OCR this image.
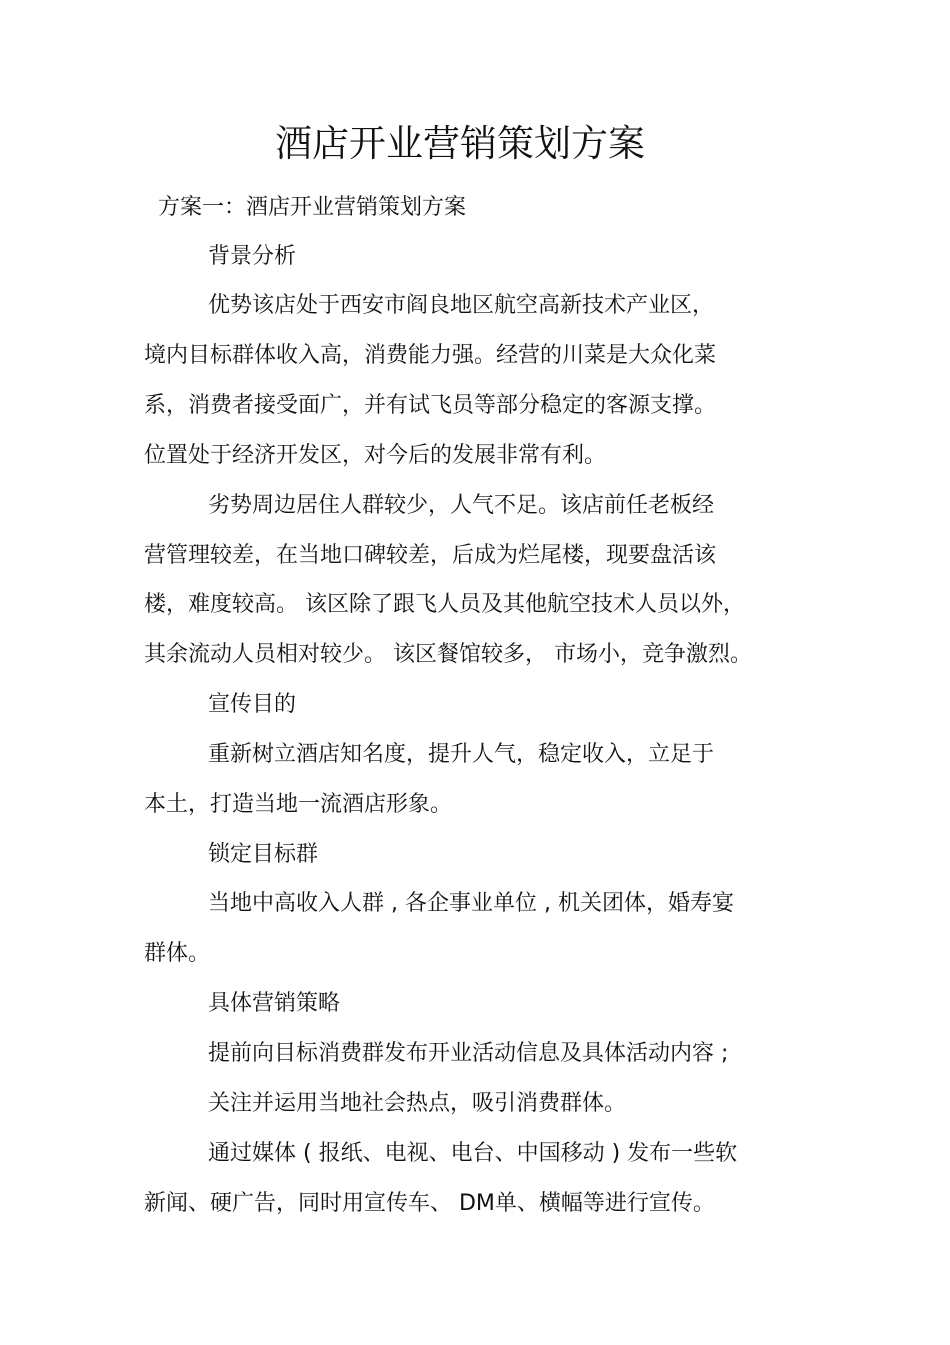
酒店开业营销策划方案
方案一：酒店开业营销策划方案
背景分析
优势该店处于西安市阎良地区航空高新技术产业区，
境内目标群体收入高，消费能力强。经营的川菜是大众化菜
系，消费者接受面广，并有试飞员等部分稳定的客源支撑。
位置处于经济开发区，对今后的发展非常有利。
劣势周边居住人群较少，人气不足。该店前任老板经
营管理较差，在当地口碑较差，后成为烂尾楼，现要盘活该
楼，难度较高。 该区除了跟飞人员及其他航空技术人员以外，
其余流动人员相对较少。 该区餐馆较多， 市场小，竞争激烈。
宣传目的
重新树立酒店知名度，提升人气，稳定收入，立足于
本土，打造当地一流酒店形象。
锁定目标群
当地中高收入人群 , 各企事业单位 , 机关团体，婚寿宴
群体。
具体营销策略
提前向目标消费群发布开业活动信息及具体活动内容 ;
关注并运用当地社会热点，吸引消费群体。
通过媒体 ( 报纸、电视、电台、中国移动 ) 发布一些软
新闻、硬广告，同时用宣传车、 DM单、横幅等进行宣传。
